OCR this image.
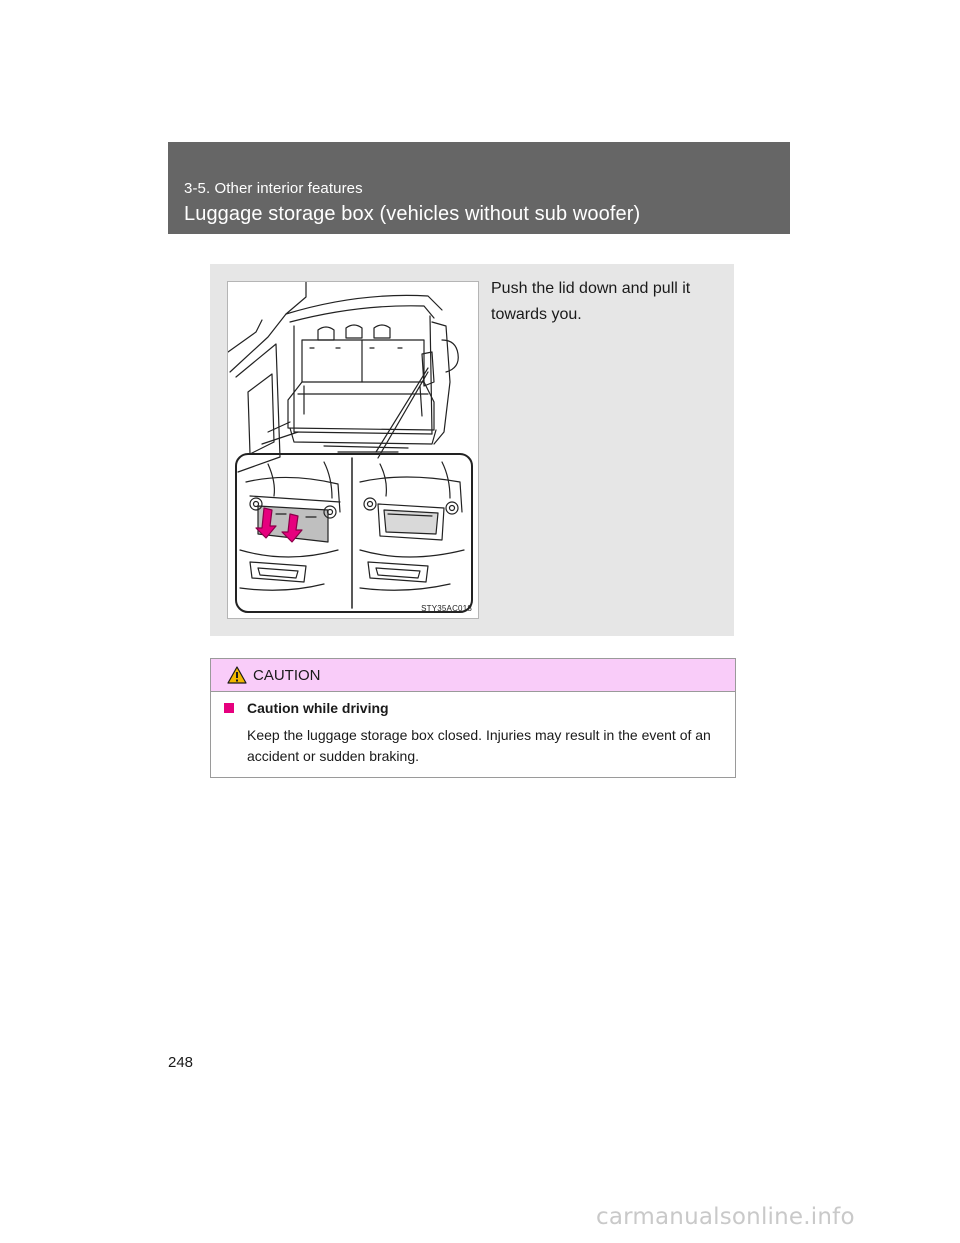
3-5. Other interior features
Luggage storage box (vehicles without sub woofer)
STY35AC018
Push the lid down and pull it towards you.
CAUTION
Caution while driving
Keep the luggage storage box closed. Injuries may result in the event of an accident or sudden braking.
248
carmanualsonline.info
